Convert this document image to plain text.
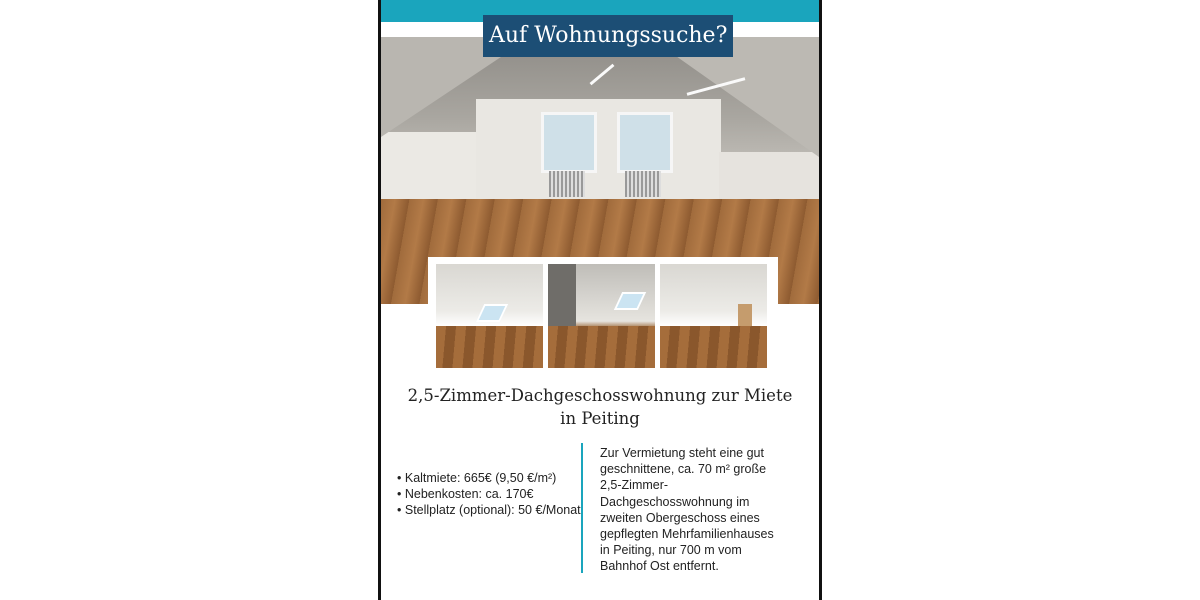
Auf Wohnungssuche?
2,5-Zimmer-Dachgeschosswohnung zur Miete
in Peiting
• Kaltmiete: 665€ (9,50 €/m²)
• Nebenkosten: ca. 170€
• Stellplatz (optional): 50 €/Monat
Zur Vermietung steht eine gut geschnittene, ca. 70 m² große 2,5-Zimmer-Dachgeschosswohnung im zweiten Obergeschoss eines gepflegten Mehrfamilienhauses in Peiting, nur 700 m vom Bahnhof Ost entfernt.
